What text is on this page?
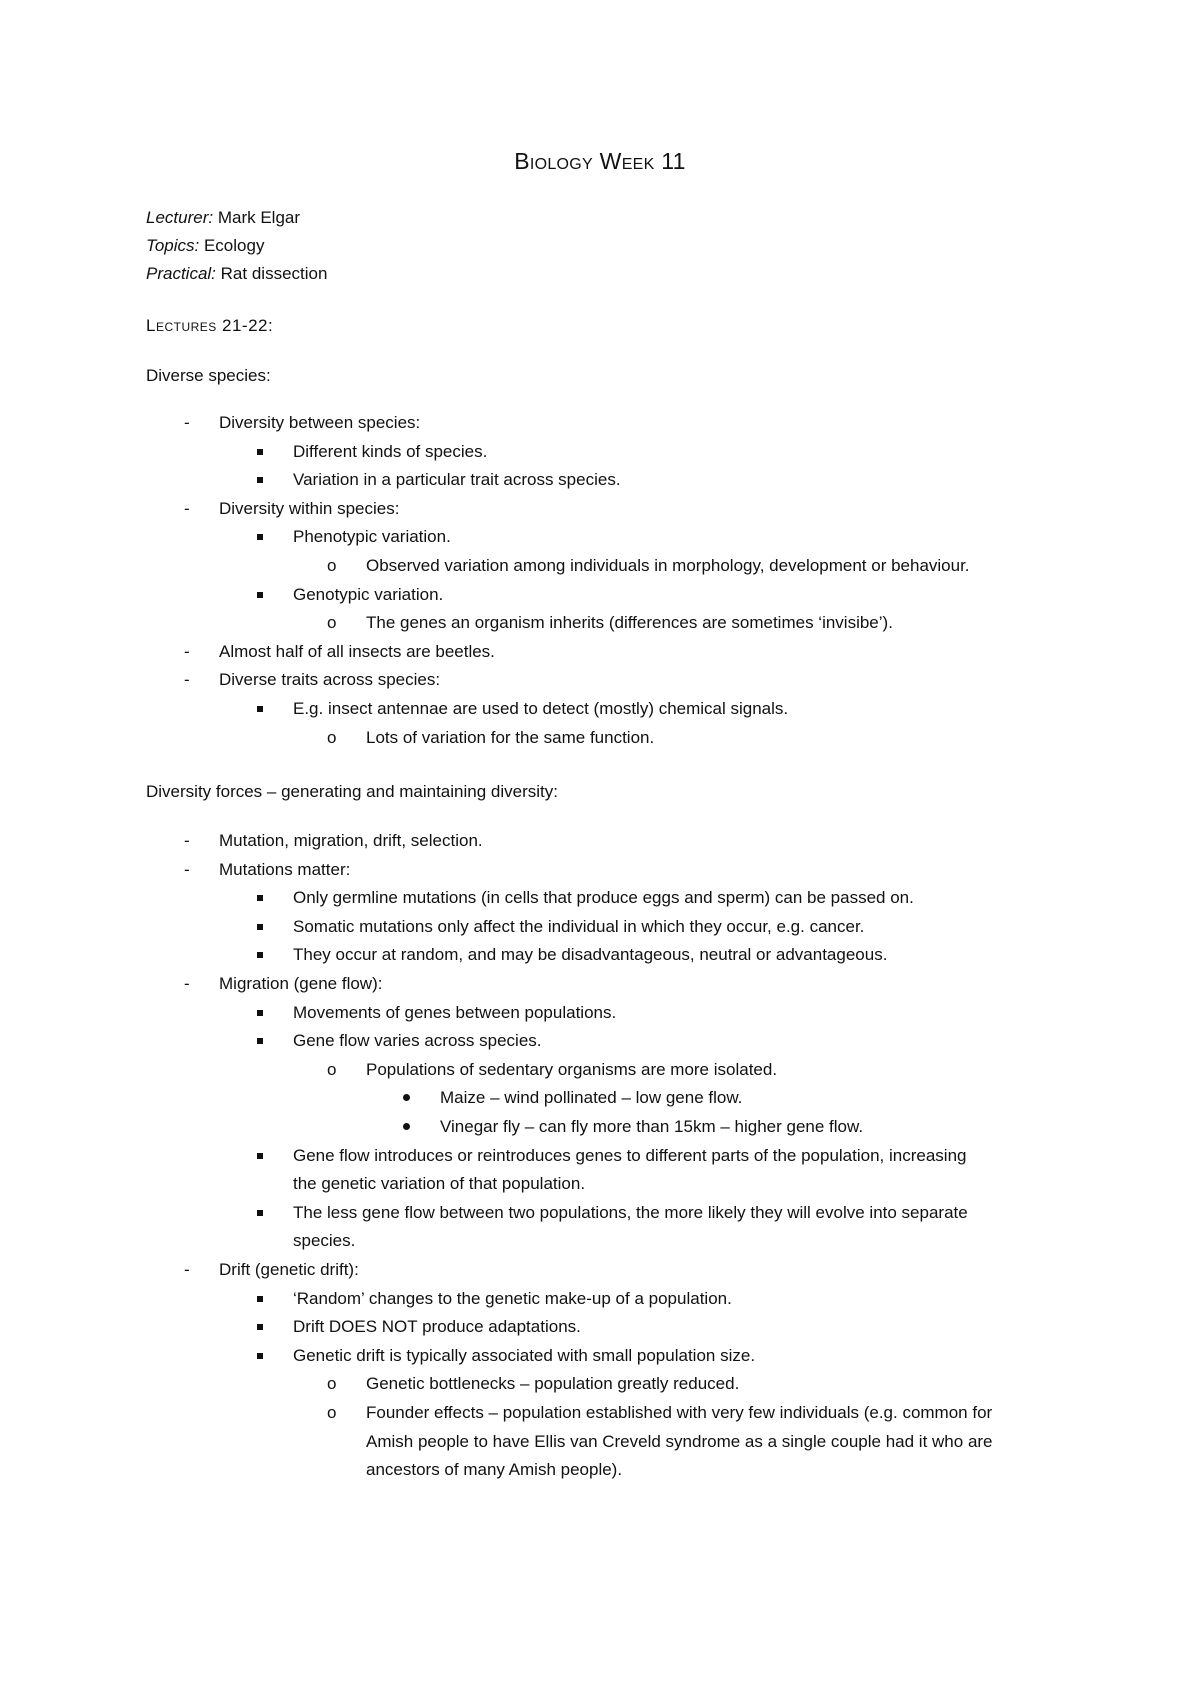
Biology Week 11
Lecturer: Mark Elgar
Topics: Ecology
Practical: Rat dissection
Lectures 21-22:
Diverse species:
Diversity between species:
-
Different kinds of species.
Variation in a particular trait across species.
Diversity within species:
-
Phenotypic variation.
Observed variation among individuals in morphology, development or behaviour.
o
Genotypic variation.
The genes an organism inherits (differences are sometimes ‘invisibe’).
o
Almost half of all insects are beetles.
-
Diverse traits across species:
-
E.g. insect antennae are used to detect (mostly) chemical signals.
Lots of variation for the same function.
o
Diversity forces – generating and maintaining diversity:
Mutation, migration, drift, selection.
-
Mutations matter:
-
Only germline mutations (in cells that produce eggs and sperm) can be passed on.
Somatic mutations only affect the individual in which they occur, e.g. cancer.
They occur at random, and may be disadvantageous, neutral or advantageous.
Migration (gene flow):
-
Movements of genes between populations.
Gene flow varies across species.
Populations of sedentary organisms are more isolated.
o
Maize – wind pollinated – low gene flow.
Vinegar fly – can fly more than 15km – higher gene flow.
Gene flow introduces or reintroduces genes to different parts of the population, increasing
the genetic variation of that population.
The less gene flow between two populations, the more likely they will evolve into separate
species.
Drift (genetic drift):
-
‘Random’ changes to the genetic make-up of a population.
Drift DOES NOT produce adaptations.
Genetic drift is typically associated with small population size.
Genetic bottlenecks – population greatly reduced.
o
Founder effects – population established with very few individuals (e.g. common for
o
Amish people to have Ellis van Creveld syndrome as a single couple had it who are
ancestors of many Amish people).
